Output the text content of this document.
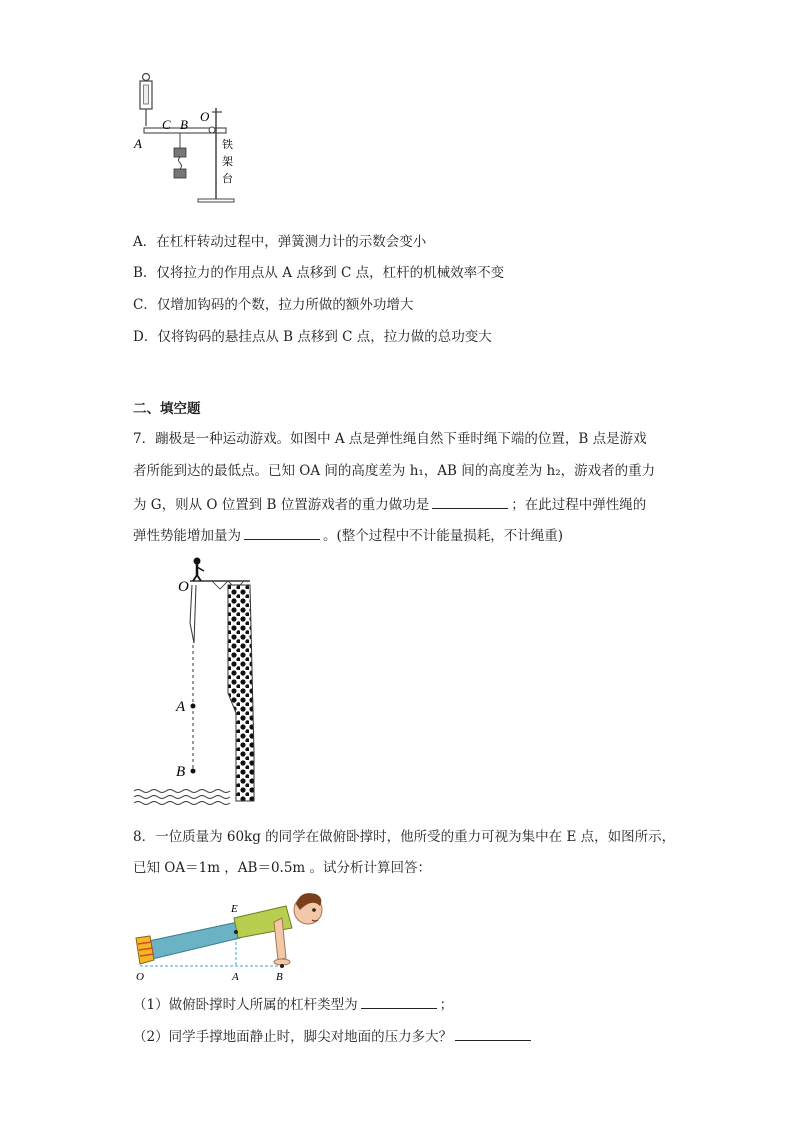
A
C B
O
铁
架
台
A．在杠杆转动过程中，弹簧测力计的示数会变小
B．仅将拉力的作用点从 A 点移到 C 点，杠杆的机械效率不变
C．仅增加钩码的个数，拉力所做的额外功增大
D．仅将钩码的悬挂点从 B 点移到 C 点，拉力做的总功变大
二、填空题
7．蹦极是一种运动游戏。如图中 A 点是弹性绳自然下垂时绳下端的位置，B 点是游戏
者所能到达的最低点。已知 OA 间的高度差为 h₁，AB 间的高度差为 h₂，游戏者的重力
为 G，则从 O 位置到 B 位置游戏者的重力做功是	；在此过程中弹性绳的
弹性势能增加量为	。(整个过程中不计能量损耗，不计绳重)
O
A
B
8．一位质量为 60kg 的同学在做俯卧撑时，他所受的重力可视为集中在 E 点，如图所示，
已知 OA＝1m ，AB＝0.5m 。试分析计算回答：
E
O	A	B
（1）做俯卧撑时人所属的杠杆类型为	；
（2）同学手撑地面静止时，脚尖对地面的压力多大？
